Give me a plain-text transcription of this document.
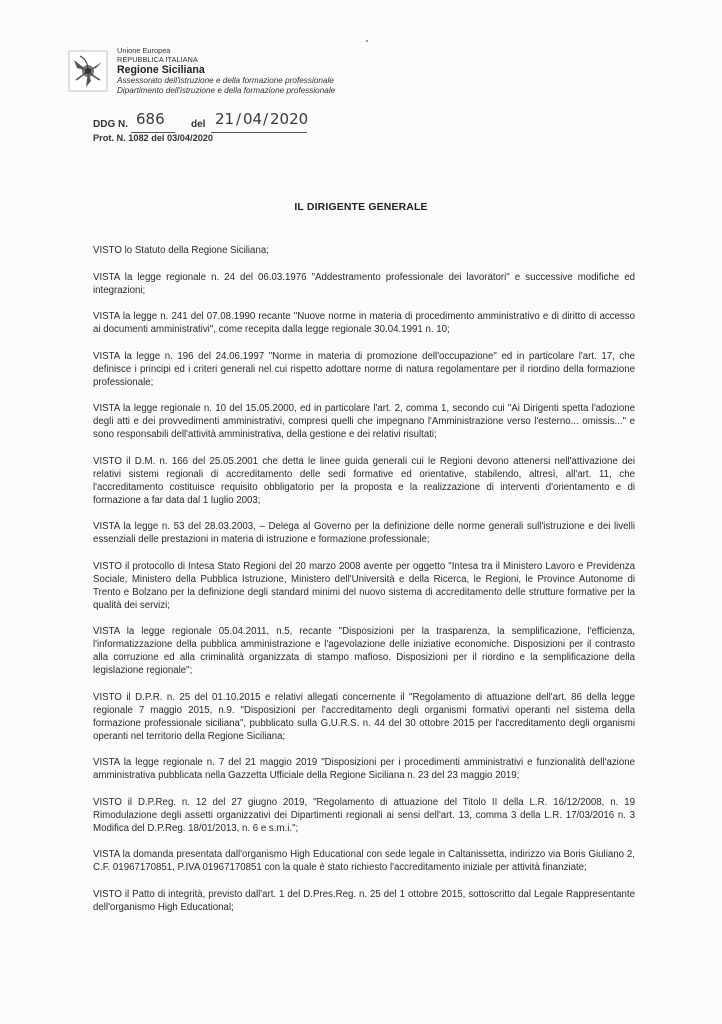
Unione Europea
REPUBBLICA ITALIANA
Regione Siciliana
Assessorato dell'istruzione e della formazione professionale
Dipartimento dell'istruzione e della formazione professionale
DDG N. 686	del 21 / 04 / 2020
Prot. N. 1082 del 03/04/2020
IL DIRIGENTE GENERALE

VISTO lo Statuto della Regione Siciliana;

VISTA la legge regionale n. 24 del 06.03.1976 "Addestramento professionale dei lavoratori" e successive modifiche ed integrazioni;

VISTA la legge n. 241 del 07.08.1990 recante "Nuove norme in materia di procedimento amministrativo e di diritto di accesso ai documenti amministrativi", come recepita dalla legge regionale 30.04.1991 n. 10;

VISTA la legge n. 196 del 24.06.1997 "Norme in materia di promozione dell'occupazione" ed in particolare l'art. 17, che definisce i principi ed i criteri generali nel cui rispetto adottare norme di natura regolamentare per il riordino della formazione professionale;

VISTA la legge regionale n. 10 del 15.05.2000, ed in particolare l'art. 2, comma 1, secondo cui "Ai Dirigenti spetta l'adozione degli atti e dei provvedimenti amministrativi, compresi quelli che impegnano l'Amministrazione verso l'esterno... omissis..." e sono responsabili dell'attività amministrativa, della gestione e dei relativi risultati;

VISTO il D.M. n. 166 del 25.05.2001 che detta le linee guida generali cui le Regioni devono attenersi nell'attivazione dei relativi sistemi regionali di accreditamento delle sedi formative ed orientative, stabilendo, altresì, all'art. 11, che l'accreditamento costituisce requisito obbligatorio per la proposta e la realizzazione di interventi d'orientamento e di formazione a far data dal 1 luglio 2003;

VISTA la legge n. 53 del 28.03.2003, – Delega al Governo per la definizione delle norme generali sull'istruzione e dei livelli essenziali delle prestazioni in materia di istruzione e formazione professionale;

VISTO il protocollo di Intesa Stato Regioni del 20 marzo 2008 avente per oggetto "Intesa tra il Ministero Lavoro e Previdenza Sociale, Ministero della Pubblica Istruzione, Ministero dell'Università e della Ricerca, le Regioni, le Province Autonome di Trento e Bolzano per la definizione degli standard minimi del nuovo sistema di accreditamento delle strutture formative per la qualità dei servizi;

VISTA la legge regionale 05.04.2011, n.5, recante "Disposizioni per la trasparenza, la semplificazione, l'efficienza, l'informatizzazione della pubblica amministrazione e l'agevolazione delle iniziative economiche. Disposizioni per il contrasto alla corruzione ed alla criminalità organizzata di stampo mafioso. Disposizioni per il riordino e la semplificazione della legislazione regionale";

VISTO il D.P.R. n. 25 del 01.10.2015 e relativi allegati concernente il "Regolamento di attuazione dell'art. 86 della legge regionale 7 maggio 2015, n.9. "Disposizioni per l'accreditamento degli organismi formativi operanti nel sistema della formazione professionale siciliana", pubblicato sulla G.U.R.S. n. 44 del 30 ottobre 2015 per l'accreditamento degli organismi operanti nel territorio della Regione Siciliana;

VISTA la legge regionale n. 7 del 21 maggio 2019 "Disposizioni per i procedimenti amministrativi e funzionalità dell'azione amministrativa pubblicata nella Gazzetta Ufficiale della Regione Siciliana n. 23 del 23 maggio 2019;

VISTO il D.P.Reg. n. 12 del 27 giugno 2019, "Regolamento di attuazione del Titolo II della L.R. 16/12/2008, n. 19 Rimodulazione degli assetti organizzativi dei Dipartimenti regionali ai sensi dell'art. 13, comma 3 della L.R. 17/03/2016 n. 3 Modifica del D.P.Reg. 18/01/2013, n. 6 e s.m.i.";

VISTA la domanda presentata dall'organismo High Educational con sede legale in Caltanissetta, indirizzo via Boris Giuliano 2, C.F. 01967170851, P.IVA 01967170851 con la quale è stato richiesto l'accreditamento iniziale per attività finanziate;

VISTO il Patto di integrità, previsto dall'art. 1 del D.Pres.Reg. n. 25 del 1 ottobre 2015, sottoscritto dal Legale Rappresentante dell'organismo High Educational;
